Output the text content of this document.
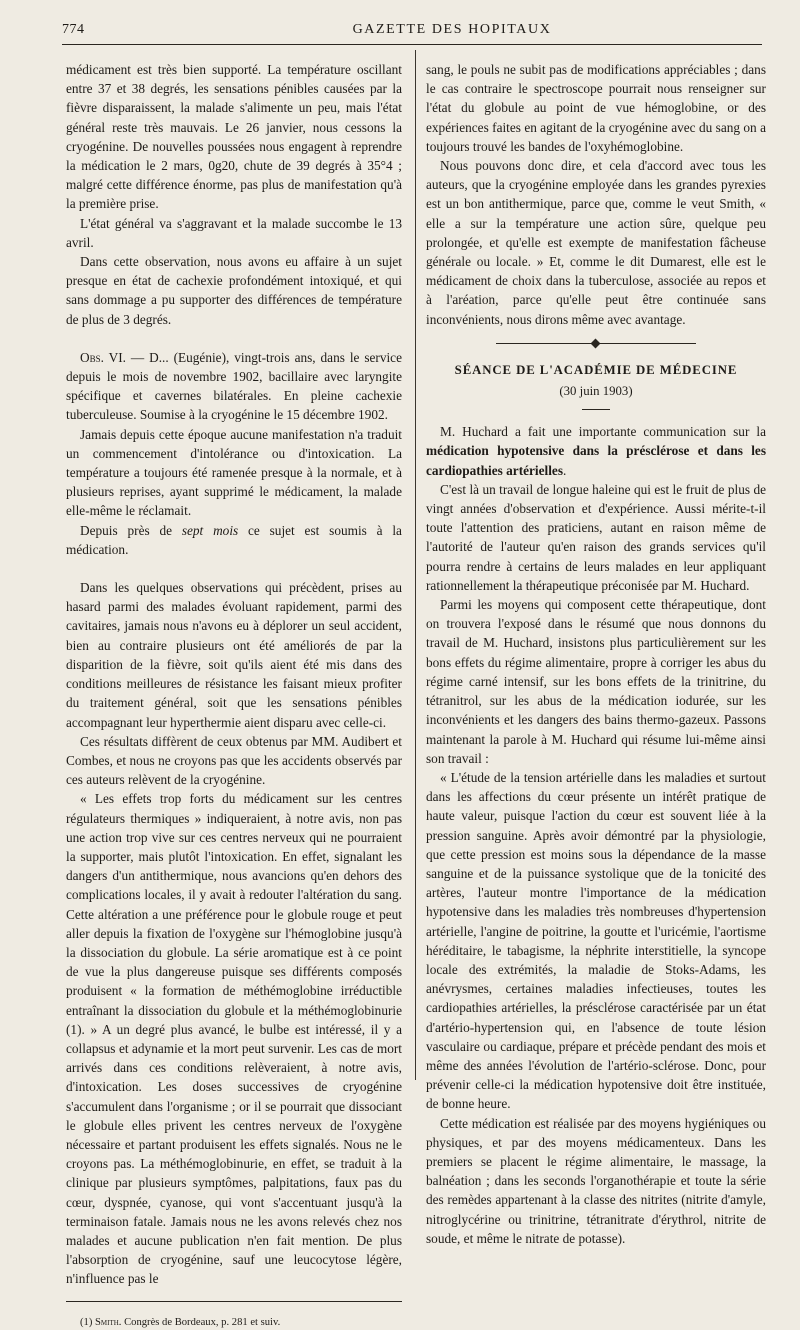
774	GAZETTE DES HOPITAUX

médicament est très bien supporté. La température oscillant entre 37 et 38 degrés, les sensations pénibles causées par la fièvre disparaissent, la malade s'alimente un peu, mais l'état général reste très mauvais. Le 26 janvier, nous cessons la cryogénine. De nouvelles poussées nous engagent à reprendre la médication le 2 mars, 0g20, chute de 39 degrés à 35°4 ; malgré cette différence énorme, pas plus de manifestation qu'à la première prise.

L'état général va s'aggravant et la malade succombe le 13 avril.

Dans cette observation, nous avons eu affaire à un sujet presque en état de cachexie profondément intoxiqué, et qui sans dommage a pu supporter des différences de température de plus de 3 degrés.

Obs. VI. — D... (Eugénie), vingt-trois ans, dans le service depuis le mois de novembre 1902, bacillaire avec laryngite spécifique et cavernes bilatérales. En pleine cachexie tuberculeuse. Soumise à la cryogénine le 15 décembre 1902.

Jamais depuis cette époque aucune manifestation n'a traduit un commencement d'intolérance ou d'intoxication. La température a toujours été ramenée presque à la normale, et à plusieurs reprises, ayant supprimé le médicament, la malade elle-même le réclamait.

Depuis près de sept mois ce sujet est soumis à la médication.

Dans les quelques observations qui précèdent, prises au hasard parmi des malades évoluant rapidement, parmi des cavitaires, jamais nous n'avons eu à déplorer un seul accident, bien au contraire plusieurs ont été améliorés de par la disparition de la fièvre, soit qu'ils aient été mis dans des conditions meilleures de résistance les faisant mieux profiter du traitement général, soit que les sensations pénibles accompagnant leur hyperthermie aient disparu avec celle-ci.

Ces résultats diffèrent de ceux obtenus par MM. Audibert et Combes, et nous ne croyons pas que les accidents observés par ces auteurs relèvent de la cryogénine.

« Les effets trop forts du médicament sur les centres régulateurs thermiques » indiqueraient, à notre avis, non pas une action trop vive sur ces centres nerveux qui ne pourraient la supporter, mais plutôt l'intoxication. En effet, signalant les dangers d'un antithermique, nous avancions qu'en dehors des complications locales, il y avait à redouter l'altération du sang. Cette altération a une préférence pour le globule rouge et peut aller depuis la fixation de l'oxygène sur l'hémoglobine jusqu'à la dissociation du globule. La série aromatique est à ce point de vue la plus dangereuse puisque ses différents composés produisent « la formation de méthémoglobine irréductible entraînant la dissociation du globule et la méthémoglobinurie (1). » A un degré plus avancé, le bulbe est intéressé, il y a collapsus et adynamie et la mort peut survenir. Les cas de mort arrivés dans ces conditions relèveraient, à notre avis, d'intoxication. Les doses successives de cryogénine s'accumulent dans l'organisme ; or il se pourrait que dissociant le globule elles privent les centres nerveux de l'oxygène nécessaire et partant produisent les effets signalés. Nous ne le croyons pas. La méthémoglobinurie, en effet, se traduit à la clinique par plusieurs symptômes, palpitations, faux pas du cœur, dyspnée, cyanose, qui vont s'accentuant jusqu'à la terminaison fatale. Jamais nous ne les avons relevés chez nos malades et aucune publication n'en fait mention. De plus l'absorption de cryogénine, sauf une leucocytose légère, n'influence pas le

(1) Smith. Congrès de Bordeaux, p. 281 et suiv.

sang, le pouls ne subit pas de modifications appréciables ; dans le cas contraire le spectroscope pourrait nous renseigner sur l'état du globule au point de vue hémoglobine, or des expériences faites en agitant de la cryogénine avec du sang on a toujours trouvé les bandes de l'oxyhémoglobine.

Nous pouvons donc dire, et cela d'accord avec tous les auteurs, que la cryogénine employée dans les grandes pyrexies est un bon antithermique, parce que, comme le veut Smith, « elle a sur la température une action sûre, quelque peu prolongée, et qu'elle est exempte de manifestation fâcheuse générale ou locale. » Et, comme le dit Dumarest, elle est le médicament de choix dans la tuberculose, associée au repos et à l'aréation, parce qu'elle peut être continuée sans inconvénients, nous dirons même avec avantage.

SÉANCE DE L'ACADÉMIE DE MÉDECINE
(30 juin 1903)

M. Huchard a fait une importante communication sur la médication hypotensive dans la présclérose et dans les cardiopathies artérielles.

C'est là un travail de longue haleine qui est le fruit de plus de vingt années d'observation et d'expérience. Aussi mérite-t-il toute l'attention des praticiens, autant en raison même de l'autorité de l'auteur qu'en raison des grands services qu'il pourra rendre à certains de leurs malades en leur appliquant rationnellement la thérapeutique préconisée par M. Huchard.

Parmi les moyens qui composent cette thérapeutique, dont on trouvera l'exposé dans le résumé que nous donnons du travail de M. Huchard, insistons plus particulièrement sur les bons effets du régime alimentaire, propre à corriger les abus du régime carné intensif, sur les bons effets de la trinitrine, du tétranitrol, sur les abus de la médication iodurée, sur les inconvénients et les dangers des bains thermo-gazeux. Passons maintenant la parole à M. Huchard qui résume lui-même ainsi son travail :

« L'étude de la tension artérielle dans les maladies et surtout dans les affections du cœur présente un intérêt pratique de haute valeur, puisque l'action du cœur est souvent liée à la pression sanguine. Après avoir démontré par la physiologie, que cette pression est moins sous la dépendance de la masse sanguine et de la puissance systolique que de la tonicité des artères, l'auteur montre l'importance de la médication hypotensive dans les maladies très nombreuses d'hypertension artérielle, l'angine de poitrine, la goutte et l'uricémie, l'aortisme héréditaire, le tabagisme, la néphrite interstitielle, la syncope locale des extrémités, la maladie de Stoks-Adams, les anévrysmes, certaines maladies infectieuses, toutes les cardiopathies artérielles, la présclérose caractérisée par un état d'artério-hypertension qui, en l'absence de toute lésion vasculaire ou cardiaque, prépare et précède pendant des mois et même des années l'évolution de l'artério-sclérose. Donc, pour prévenir celle-ci la médication hypotensive doit être instituée, de bonne heure.

Cette médication est réalisée par des moyens hygiéniques ou physiques, et par des moyens médicamenteux. Dans les premiers se placent le régime alimentaire, le massage, la balnéation ; dans les seconds l'organothérapie et toute la série des remèdes appartenant à la classe des nitrites (nitrite d'amyle, nitroglycérine ou trinitrine, tétranitrate d'érythrol, nitrite de soude, et même le nitrate de potasse).
